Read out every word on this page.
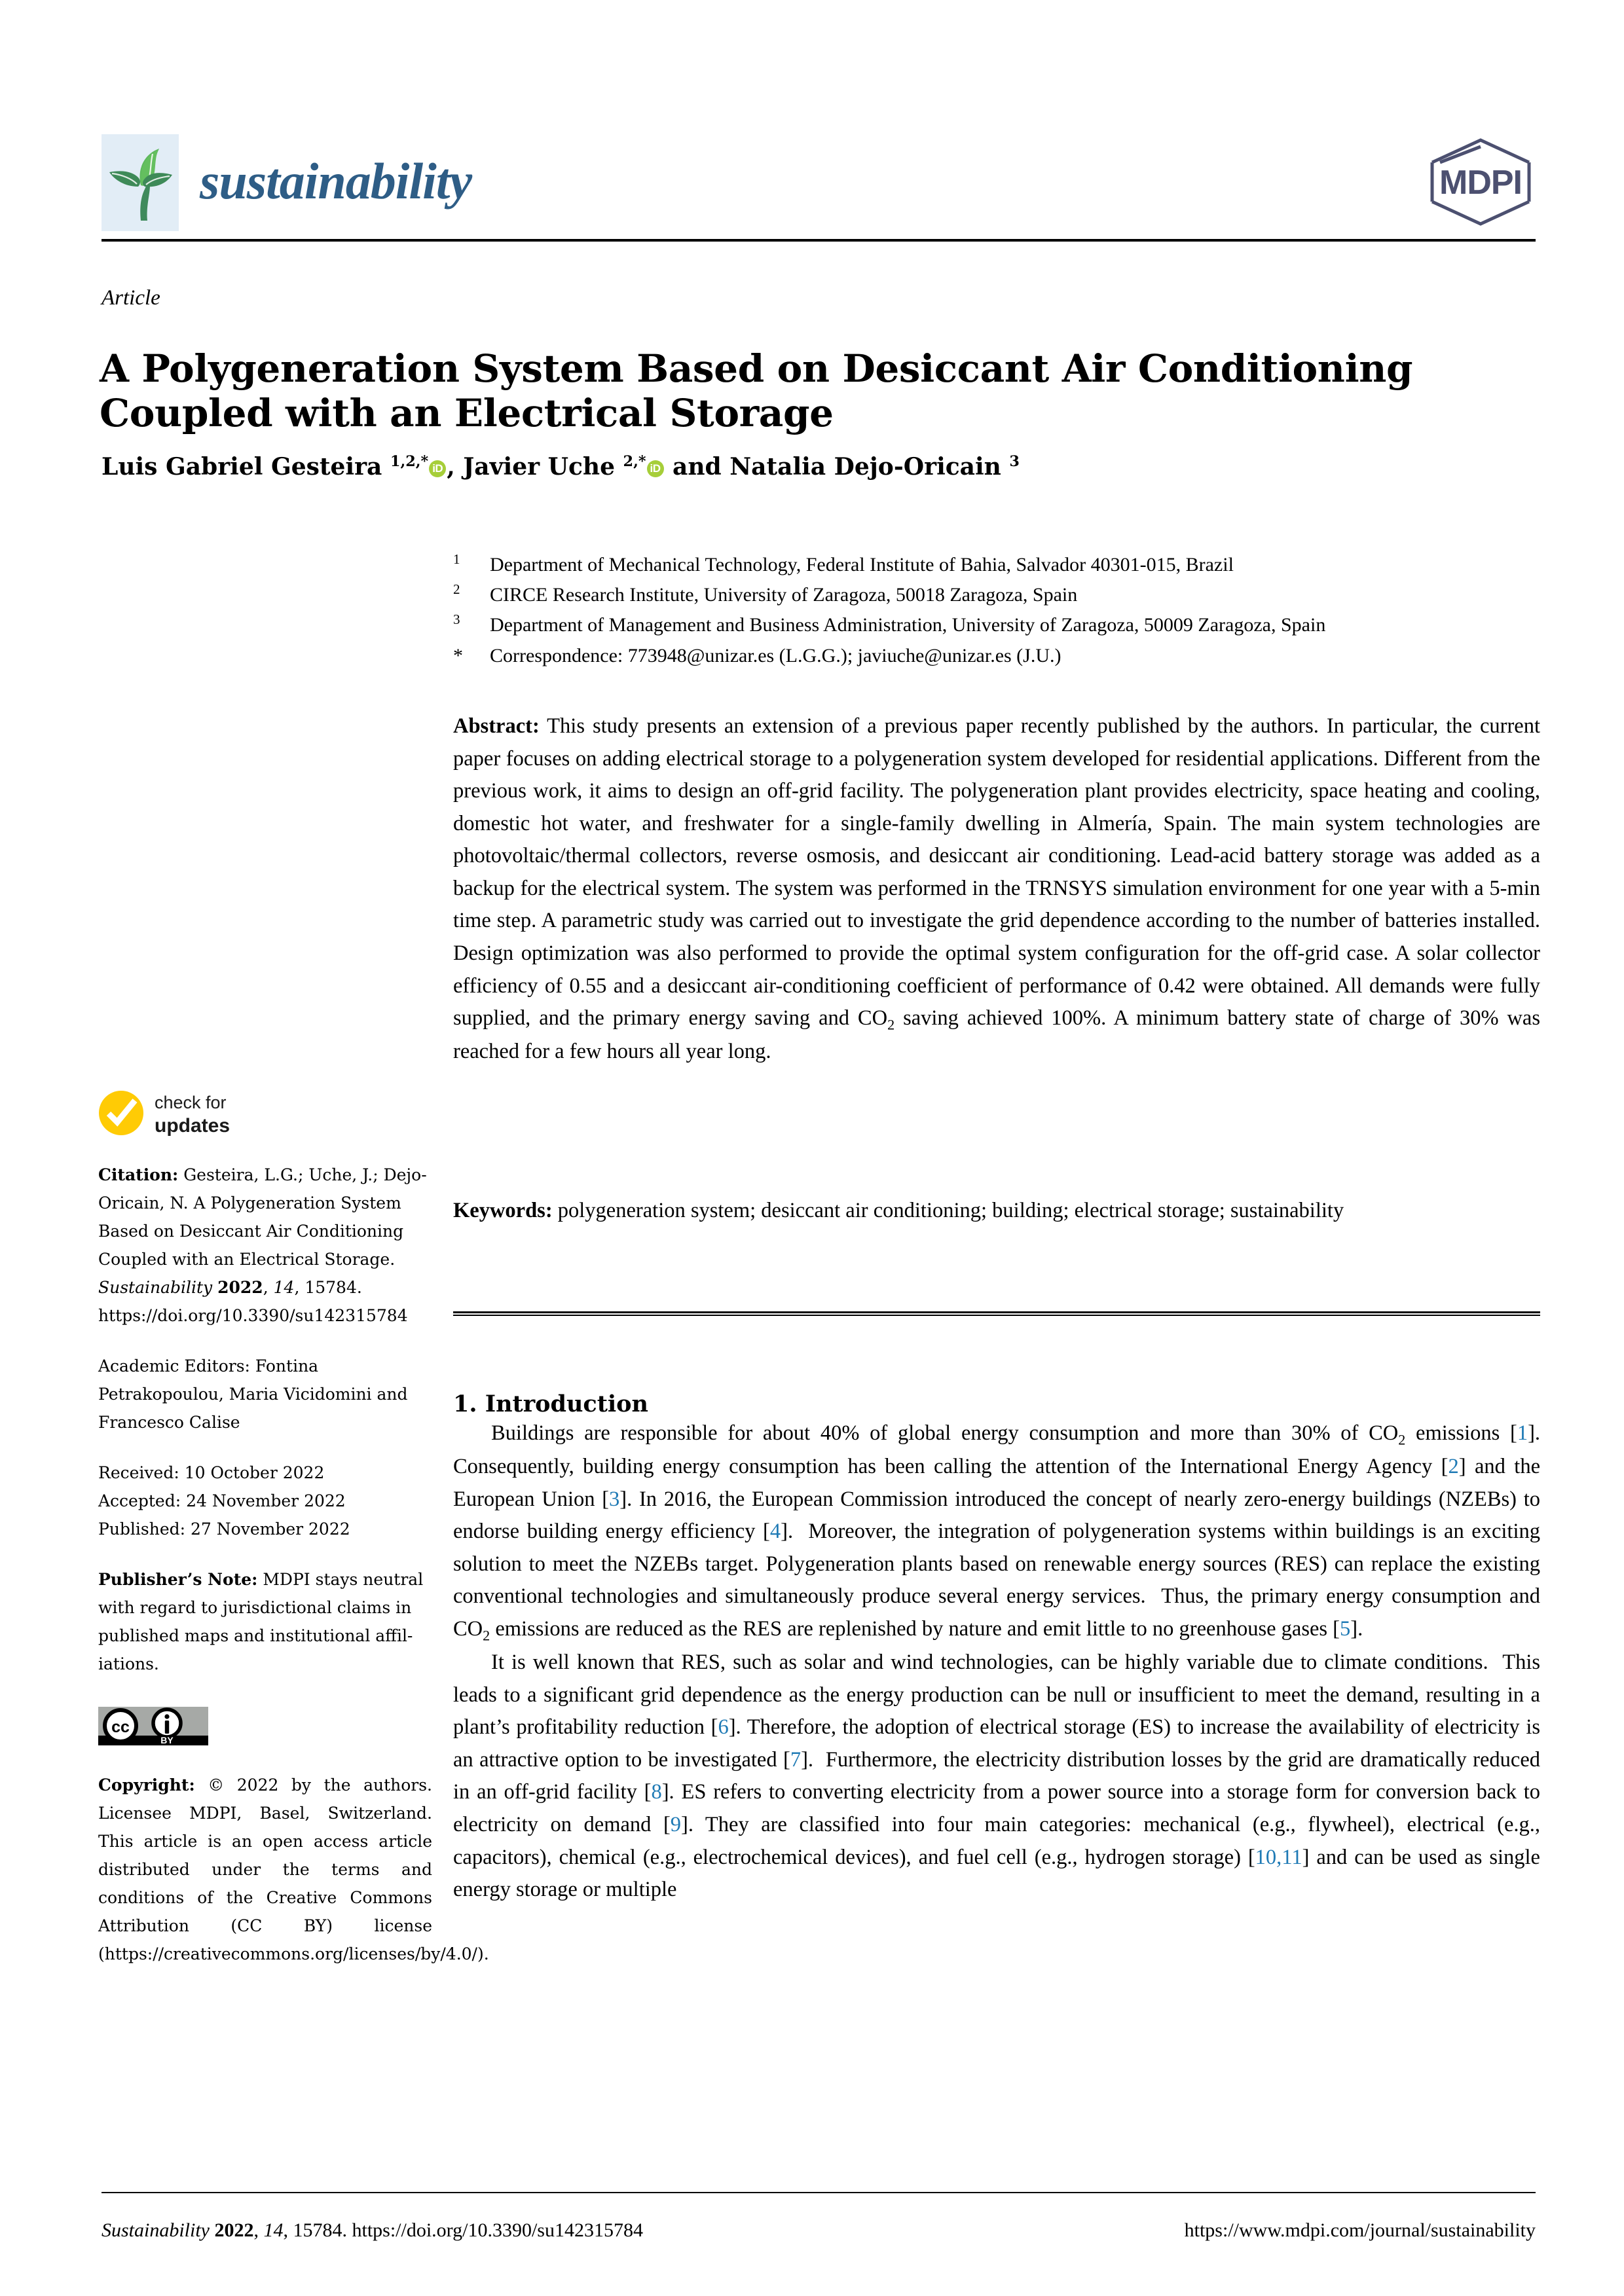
sustainability	MDPI
Article
A Polygeneration System Based on Desiccant Air Conditioning Coupled with an Electrical Storage
Luis Gabriel Gesteira $^{1,2,*}$ iD , Javier Uche $^{2,*}$ iD and Natalia Dejo-Oricain $^3$
1	Department of Mechanical Technology, Federal Institute of Bahia, Salvador 40301-015, Brazil
2	CIRCE Research Institute, University of Zaragoza, 50018 Zaragoza, Spain
3	Department of Management and Business Administration, University of Zaragoza, 50009 Zaragoza, Spain
*	Correspondence: 773948@unizar.es (L.G.G.); javiuche@unizar.es (J.U.)
Abstract: This study presents an extension of a previous paper recently published by the authors. In particular, the current paper focuses on adding electrical storage to a polygeneration system developed for residential applications. Different from the previous work, it aims to design an off-grid facility. The polygeneration plant provides electricity, space heating and cooling, domestic hot water, and freshwater for a single-family dwelling in Almería, Spain. The main system technologies are photovoltaic/thermal collectors, reverse osmosis, and desiccant air conditioning. Lead-acid battery storage was added as a backup for the electrical system. The system was performed in the TRNSYS simulation environment for one year with a 5-min time step. A parametric study was carried out to investigate the grid dependence according to the number of batteries installed. Design optimization was also performed to provide the optimal system configuration for the off-grid case. A solar collector efficiency of 0.55 and a desiccant air-conditioning coefficient of performance of 0.42 were obtained. All demands were fully supplied, and the primary energy saving and $CO_2$ saving achieved 100%. A minimum battery state of charge of 30% was reached for a few hours all year long.
Keywords: polygeneration system; desiccant air conditioning; building; electrical storage; sustainability
1. Introduction

Buildings are responsible for about 40% of global energy consumption and more than 30% of $CO_2$ emissions [1]. Consequently, building energy consumption has been calling the attention of the International Energy Agency [2] and the European Union [3]. In 2016, the European Commission introduced the concept of nearly zero-energy buildings (NZEBs) to endorse building energy efficiency [4].  Moreover, the integration of polygeneration systems within buildings is an exciting solution to meet the NZEBs target. Polygeneration plants based on renewable energy sources (RES) can replace the existing conventional technologies and simultaneously produce several energy services.  Thus, the primary energy consumption and $CO_2$ emissions are reduced as the RES are replenished by nature and emit little to no greenhouse gases [5].

It is well known that RES, such as solar and wind technologies, can be highly variable due to climate conditions.  This leads to a significant grid dependence as the energy production can be null or insufficient to meet the demand, resulting in a plant’s profitability reduction [6]. Therefore, the adoption of electrical storage (ES) to increase the availability of electricity is an attractive option to be investigated [7].  Furthermore, the electricity distribution losses by the grid are dramatically reduced in an off-grid facility [8]. ES refers to converting electricity from a power source into a storage form for conversion back to electricity on demand [9]. They are classified into four main categories: mechanical (e.g., flywheel), electrical (e.g., capacitors), chemical (e.g., electrochemical devices), and fuel cell (e.g., hydrogen storage) [10,11] and can be used as single energy storage or multiple

check for
updates
Citation: Gesteira, L.G.; Uche, J.; Dejo-Oricain, N. A Polygeneration System Based on Desiccant Air Conditioning Coupled with an Electrical Storage. Sustainability 2022, 14, 15784. https://doi.org/10.3390/su142315784
Academic Editors: Fontina Petrakopoulou, Maria Vicidomini and Francesco Calise
Received: 10 October 2022
Accepted: 24 November 2022
Published: 27 November 2022
Publisher’s Note: MDPI stays neutral with regard to jurisdictional claims in published maps and institutional affil-iations.
cc
BY
Copyright: © 2022 by the authors. Licensee MDPI, Basel, Switzerland. This article is an open access article distributed under the terms and conditions of the Creative Commons Attribution (CC BY) license (https://creativecommons.org/licenses/by/4.0/).
Sustainability 2022, 14, 15784. https://doi.org/10.3390/su142315784	https://www.mdpi.com/journal/sustainability
